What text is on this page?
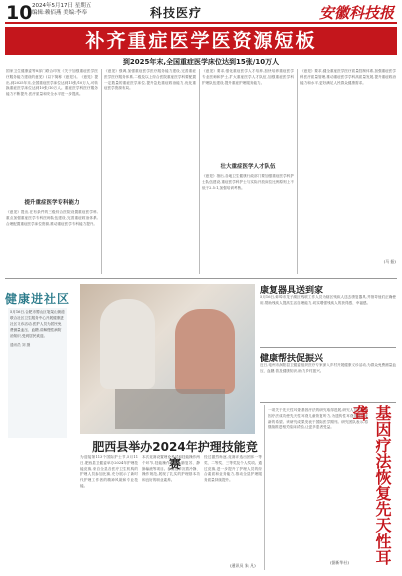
10 2024年5月17日 星期五
编辑:赖佰燕 美编:李奉	科技医疗	安徽科技报
补齐重症医学医资源短板
到2025年末,全国重症医学床位达到15张/10万人
国家卫生健康委等8部门联合印发《关于加强重症医学医疗服务能力建设的意见》(以下简称《意见》)。《意见》提出,到2025年末,全国重症医学床位达到15张/10万人,可转换重症医学床位达到10张/10万人。重症医学科医疗服务能力不断提升,医疗质量和安全水平进一步提高。
提升重症医学专科能力
《意见》提出,在有条件的三级综合医院设置重症医学科,重点加强重症医学专科医师队伍建设,完善重症救治体系,合理配置重症医学床位资源,推动重症医学专科能力提升。
《意见》强调,加强重症医学医疗服务能力建设,完善重症医学医疗服务体系,二级及以上综合医院重症医学科要配置一定数量的重症医学床位,提升急危重症救治能力,优化重症医学资源布局。
《意见》要求,强化重症医学人才培养,加快培养重症医学专业医师和护士,扩大重症医学人才队伍,加强重症医学科护理队伍建设,提升重症护理服务能力。
壮大重症医学人才队伍
《意见》指出,各地卫生健康行政部门要加强重症医学科护士队伍建设,重症医学科护士与实际开放床位比例原则上不低于2.5:1,加强培训考核。
《意见》要求,健全重症医学医疗质量控制体系,加强重症医学科医疗质量管理,推动重症医学学科高质量发展,提升重症救治能力和水平,更好满足人民群众健康需求。
(马 振)
健康进社区
5月16日,合肥市蜀山区笔架山街道联合社区卫生服务中心开展健康进社区义诊活动,医护人员为居民免费测量血压、血糖,讲解慢性病防治知识,受到居民欢迎。
通讯员 刘 摄
康复器具送到家
5月16日,蚌埠市龙子湖区残联工作人员为辖区残疾人送去康复器具,并指导他们正确使用,帮助残疾人提高生活自理能力,切实增强残疾人的获得感、幸福感。
健康帮扶促振兴
近日,亳州市涡阳县卫健委组织医疗专家深入乡村开展健康义诊活动,为群众免费测量血压、血糖,普及健康知识,助力乡村振兴。
一项关于先天性耳聋基因疗法的研究取得进展,研究人员利用基因疗法成功使先天性耳聋儿童恢复听力,为遗传性耳聋患者带来新的希望。该研究成果发表于国际医学期刊。研究团队表示,将继续推进相关临床试验,让更多患者受益。
(据新华社) 基因疗法恢复先天性耳聋
肥西县举办2024年护理技能竞赛
为迎接第113个国际护士节,5月11日,肥西县卫健委举办2024年护理技能竞赛,来自全县各医疗卫生机构的护理人员参加比赛,充分展示了新时代护理工作者的精神风貌和专业技能。
本次竞赛设置理论考试和技能操作两个环节,技能操作包括心肺复苏、静脉输液等项目。参赛选手沉着冷静、操作规范,展现了扎实的护理基本功和良好的职业素养。
经过激烈角逐,竞赛评选出团体一等奖、二等奖、三等奖及个人奖项。通过竞赛,进一步提升了护理人员的综合素质和业务能力,推动全县护理服务质量持续提升。
(通讯员 朱 凡)
